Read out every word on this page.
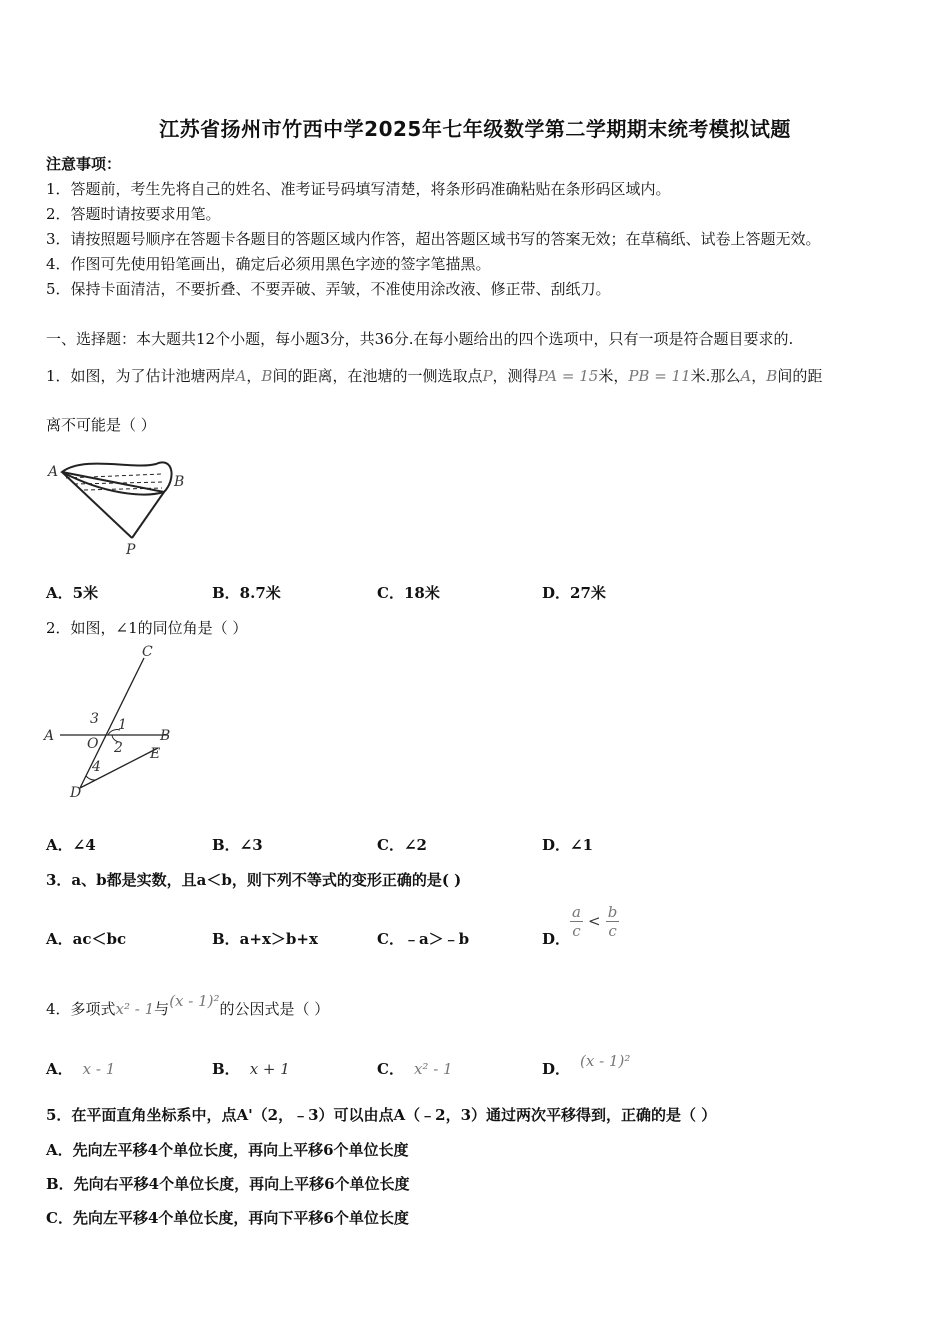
江苏省扬州市竹西中学2025年七年级数学第二学期期末统考模拟试题
注意事项：
1．答题前，考生先将自己的姓名、准考证号码填写清楚，将条形码准确粘贴在条形码区域内。
2．答题时请按要求用笔。
3．请按照题号顺序在答题卡各题目的答题区域内作答，超出答题区域书写的答案无效；在草稿纸、试卷上答题无效。
4．作图可先使用铅笔画出，确定后必须用黑色字迹的签字笔描黑。
5．保持卡面清洁，不要折叠、不要弄破、弄皱，不准使用涂改液、修正带、刮纸刀。
一、选择题：本大题共12个小题，每小题3分，共36分.在每小题给出的四个选项中，只有一项是符合题目要求的.
1．如图，为了估计池塘两岸A，B间的距离，在池塘的一侧选取点P，测得PA = 15米，PB = 11米.那么A，B间的距
离不可能是（ ）
A
B
P
A．5米	B．8.7米	C．18米	D．27米
2．如图，∠1的同位角是（ ）
C
A	B
O
E
D
1
3
2
4
A．∠4	B．∠3	C．∠2	D．∠1
3．a、b都是实数，且a＜b，则下列不等式的变形正确的是( )
A．ac＜bc	B．a+x＞b+x	C．﹣a＞﹣b	D． $\frac{a}{c} < \frac{b}{c}$
4．多项式x² - 1与(x - 1)²的公因式是（ ）
A． x - 1	B． x + 1	C． x² - 1	D． (x - 1)²
5．在平面直角坐标系中，点A'（2，﹣3）可以由点A（﹣2，3）通过两次平移得到，正确的是（ ）
A．先向左平移4个单位长度，再向上平移6个单位长度
B．先向右平移4个单位长度，再向上平移6个单位长度
C．先向左平移4个单位长度，再向下平移6个单位长度
